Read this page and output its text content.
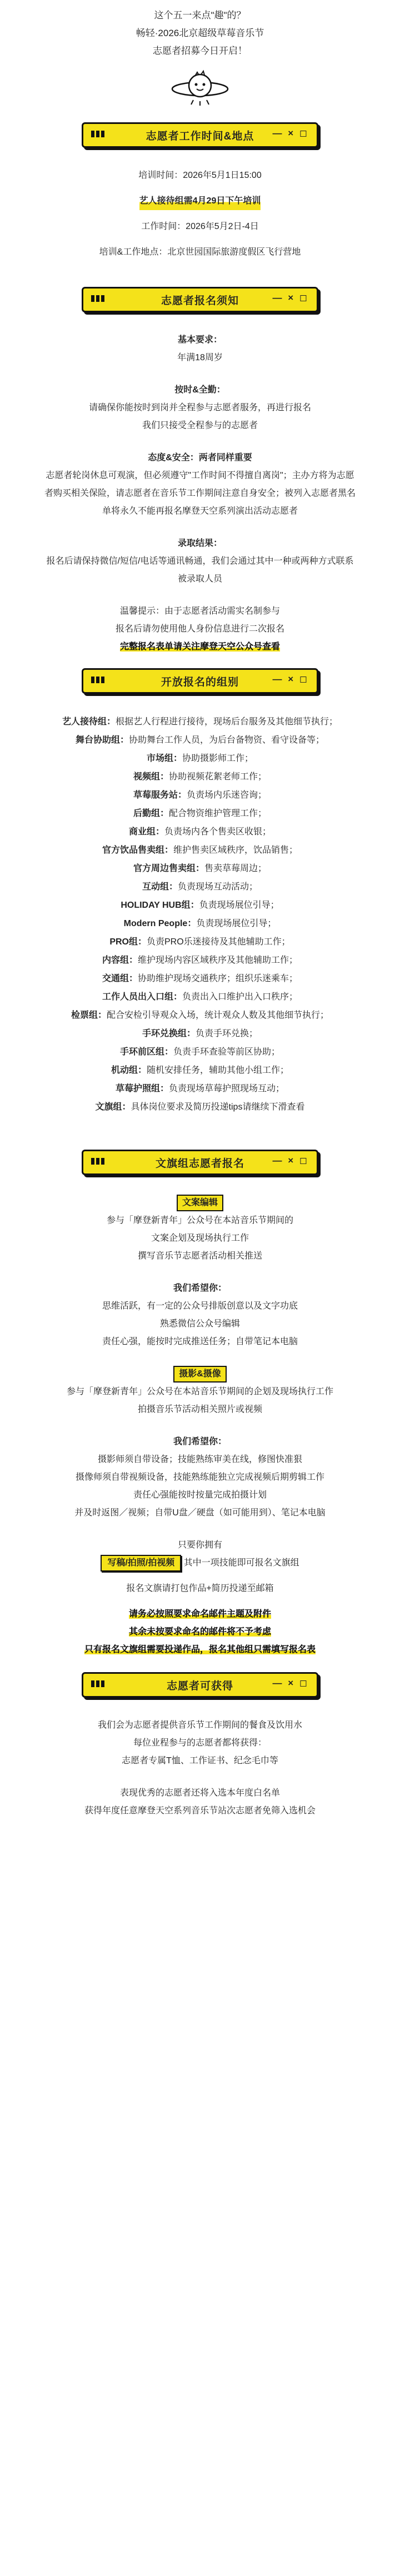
这个五一来点"趣"的？
畅轻·2026北京超级草莓音乐节
志愿者招募今日开启！
志愿者工作时间&地点 — × ◻
培训时间：2026年5月1日15:00
艺人接待组需4月29日下午培训
工作时间：2026年5月2日-4日
培训&工作地点：北京世园国际旅游度假区飞行营地
志愿者报名须知	— × ◻
基本要求：
年满18周岁
按时&全勤：
请确保你能按时到岗并全程参与志愿者服务，再进行报名
我们只接受全程参与的志愿者
态度&安全：两者同样重要
志愿者轮岗休息可观演，但必须遵守"工作时间不得擅自离岗"；主办方将为志愿
者购买相关保险，请志愿者在音乐节工作期间注意自身安全；被列入志愿者黑名
单将永久不能再报名摩登天空系列演出活动志愿者
录取结果：
报名后请保持微信/短信/电话等通讯畅通，我们会通过其中一种或两种方式联系
被录取人员
温馨提示：由于志愿者活动需实名制参与
报名后请勿使用他人身份信息进行二次报名
完整报名表单请关注摩登天空公众号查看
开放报名的组别	— × ◻
艺人接待组：根据艺人行程进行接待，现场后台服务及其他细节执行；
舞台协助组：协助舞台工作人员，为后台备物资、看守设备等；
市场组：协助摄影师工作；
视频组：协助视频花絮老师工作；
草莓服务站：负责场内乐迷咨询；
后勤组：配合物资维护管理工作；
商业组：负责场内各个售卖区收银；
官方饮品售卖组：维护售卖区域秩序，饮品销售；
官方周边售卖组：售卖草莓周边；
互动组：负责现场互动活动；
HOLIDAY HUB组：负责现场展位引导；
Modern People：负责现场展位引导；
PRO组：负责PRO乐迷接待及其他辅助工作；
内容组：维护现场内容区域秩序及其他辅助工作；
交通组：协助维护现场交通秩序；组织乐迷乘车；
工作人员出入口组：负责出入口维护出入口秩序；
检票组：配合安检引导观众入场，统计观众人数及其他细节执行；
手环兑换组：负责手环兑换；
手环前区组：负责手环查验等前区协助；
机动组：随机安排任务，辅助其他小组工作；
草莓护照组：负责现场草莓护照现场互动；
文旗组：具体岗位要求及简历投递tips请继续下滑查看
文旗组志愿者报名	— × ◻
文案编辑
参与「摩登新青年」公众号在本站音乐节期间的
文案企划及现场执行工作
撰写音乐节志愿者活动相关推送
我们希望你：
思维活跃，有一定的公众号排版创意以及文字功底
熟悉微信公众号编辑
责任心强，能按时完成推送任务；自带笔记本电脑
摄影&摄像
参与「摩登新青年」公众号在本站音乐节期间的企划及现场执行工作
拍摄音乐节活动相关照片或视频
我们希望你：
摄影师须自带设备；技能熟练审美在线，修图快准狠
摄像师须自带视频设备，技能熟练能独立完成视频后期剪辑工作
责任心强能按时按量完成拍摄计划
并及时返图／视频；自带U盘／硬盘（如可能用到）、笔记本电脑
只要你拥有
写稿/拍照/拍视频 其中一项技能即可报名文旗组
报名文旗请打包作品+简历投递至邮箱
请务必按照要求命名邮件主题及附件
其余未按要求命名的邮件将不予考虑
只有报名文旗组需要投递作品，报名其他组只需填写报名表
志愿者可获得	— × ◻
我们会为志愿者提供音乐节工作期间的餐食及饮用水
每位业程参与的志愿者都将获得：
志愿者专属T恤、工作证书、纪念毛巾等
表现优秀的志愿者还将入选本年度白名单
获得年度任意摩登天空系列音乐节站次志愿者免筛入选机会
